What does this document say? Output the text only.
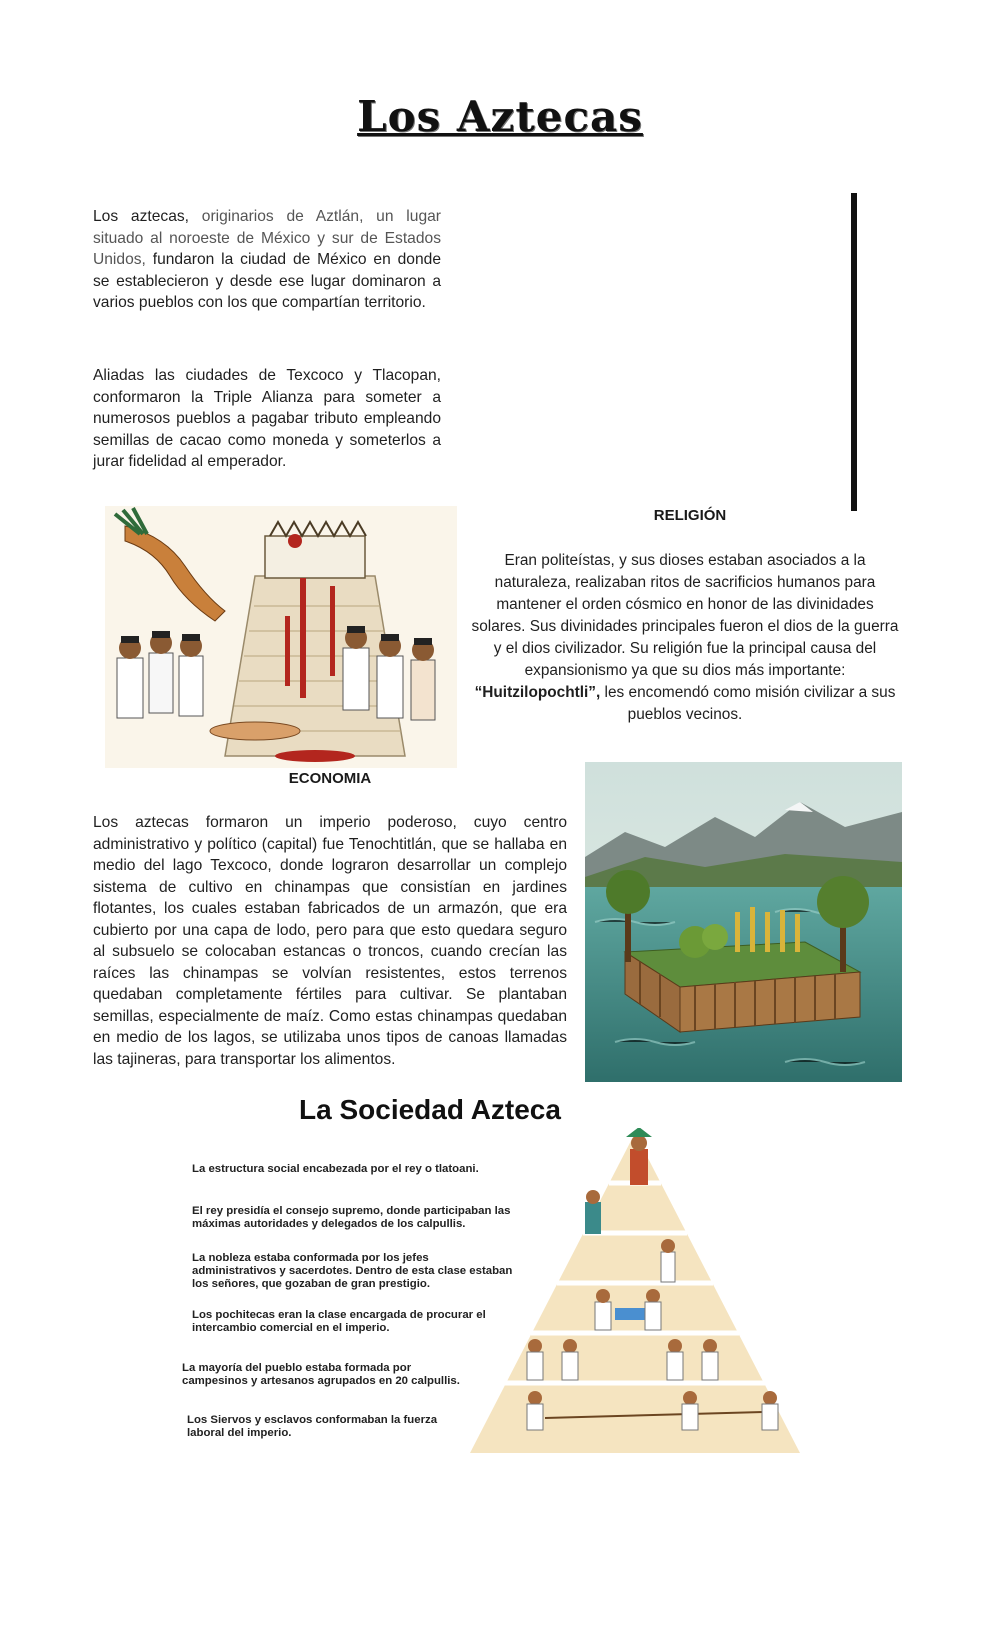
Los Aztecas

Los aztecas, originarios de Aztlán, un lugar situado al noroeste de México y sur de Estados Unidos, fundaron la ciudad de México en donde se establecieron y desde ese lugar dominaron a varios pueblos con los que compartían territorio.

Aliadas las ciudades de Texcoco y Tlacopan, conformaron la Triple Alianza para someter a numerosos pueblos a pagabar tributo empleando semillas de cacao como moneda y someterlos a jurar fidelidad al emperador.

RELIGIÓN

Eran politeístas, y sus dioses estaban asociados a la naturaleza, realizaban ritos de sacrificios humanos para mantener el orden cósmico en honor de las divinidades solares. Sus divinidades principales fueron el dios de la guerra y el dios civilizador. Su religión fue la principal causa del expansionismo ya que su dios más importante: “Huitzilopochtli”, les encomendó como misión civilizar a sus pueblos vecinos.

ECONOMIA

Los aztecas formaron un imperio poderoso, cuyo centro administrativo y político (capital) fue Tenochtitlán, que se hallaba en medio del lago Texcoco, donde lograron desarrollar un complejo sistema de cultivo en chinampas que consistían en jardines flotantes, los cuales estaban fabricados de un armazón, que era cubierto por una capa de lodo, pero para que esto quedara seguro al subsuelo se colocaban estancas o troncos, cuando crecían las raíces las chinampas se volvían resistentes, estos terrenos quedaban completamente fértiles para cultivar. Se plantaban semillas, especialmente de maíz. Como estas chinampas quedaban en medio de los lagos, se utilizaba unos tipos de canoas llamadas las tajineras, para transportar los alimentos.

La Sociedad Azteca
La estructura social encabezada por el rey o tlatoani.
El rey presidía el consejo supremo, donde participaban las
máximas autoridades y delegados de los calpullis.
La nobleza estaba conformada por los jefes
administrativos y sacerdotes. Dentro de esta clase estaban
los señores, que gozaban de gran prestigio.
Los pochitecas eran la clase encargada de procurar el
intercambio comercial en el imperio.
La mayoría del pueblo estaba formada por
campesinos y artesanos agrupados en 20 calpullis.
Los Siervos y esclavos conformaban la fuerza
laboral del imperio.
